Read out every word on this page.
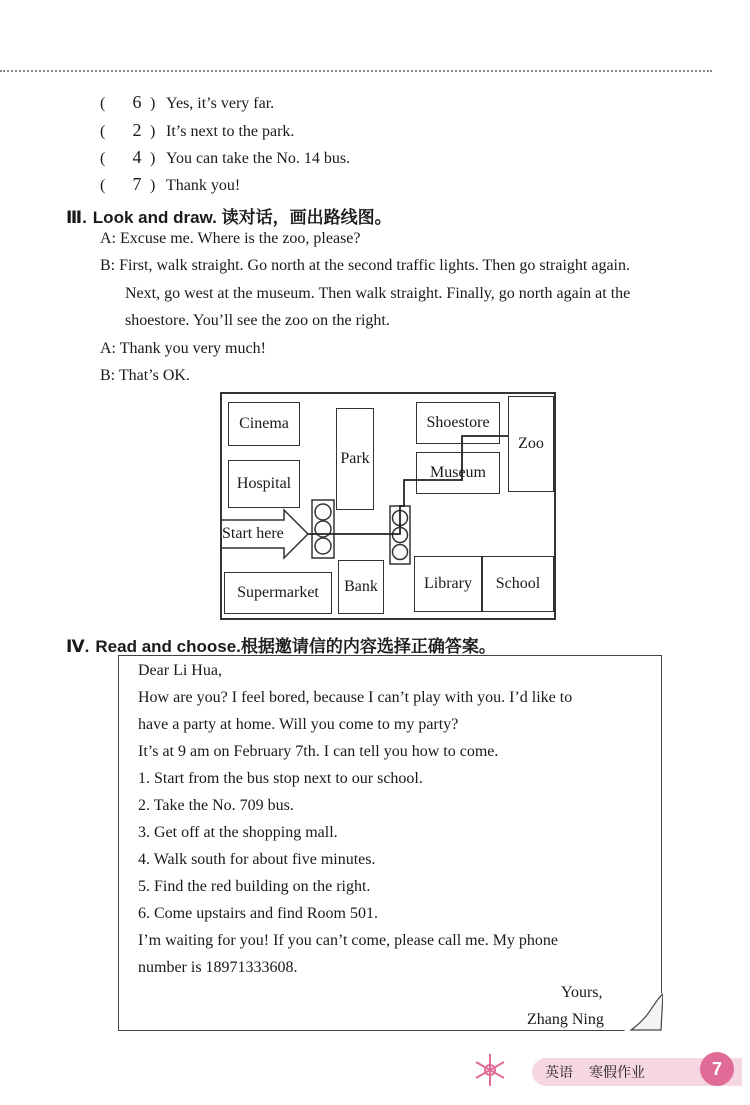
( 6 ) Yes, it’s very far.
( 2 ) It’s next to the park.
( 4 ) You can take the No. 14 bus.
( 7 ) Thank you!
Ⅲ. Look and draw. 读对话，画出路线图。
A: Excuse me. Where is the zoo, please?
B: First, walk straight. Go north at the second traffic lights. Then go straight again.
Next, go west at the museum. Then walk straight. Finally, go north again at the
shoestore. You’ll see the zoo on the right.
A: Thank you very much!
B: That’s OK.
Cinema
Hospital
Park
Shoestore
Museum
Zoo
Supermarket Bank	Library School
Start here
Ⅳ. Read and choose.根据邀请信的内容选择正确答案。
Dear Li Hua,
How are you? I feel bored, because I can’t play with you. I’d like to
have a party at home. Will you come to my party?
It’s at 9 am on February 7th. I can tell you how to come.
1. Start from the bus stop next to our school.
2. Take the No. 709 bus.
3. Get off at the shopping mall.
4. Walk south for about five minutes.
5. Find the red building on the right.
6. Come upstairs and find Room 501.
I’m waiting for you! If you can’t come, please call me. My phone
number is 18971333608.
Yours,
Zhang Ning
英语 寒假作业	7
